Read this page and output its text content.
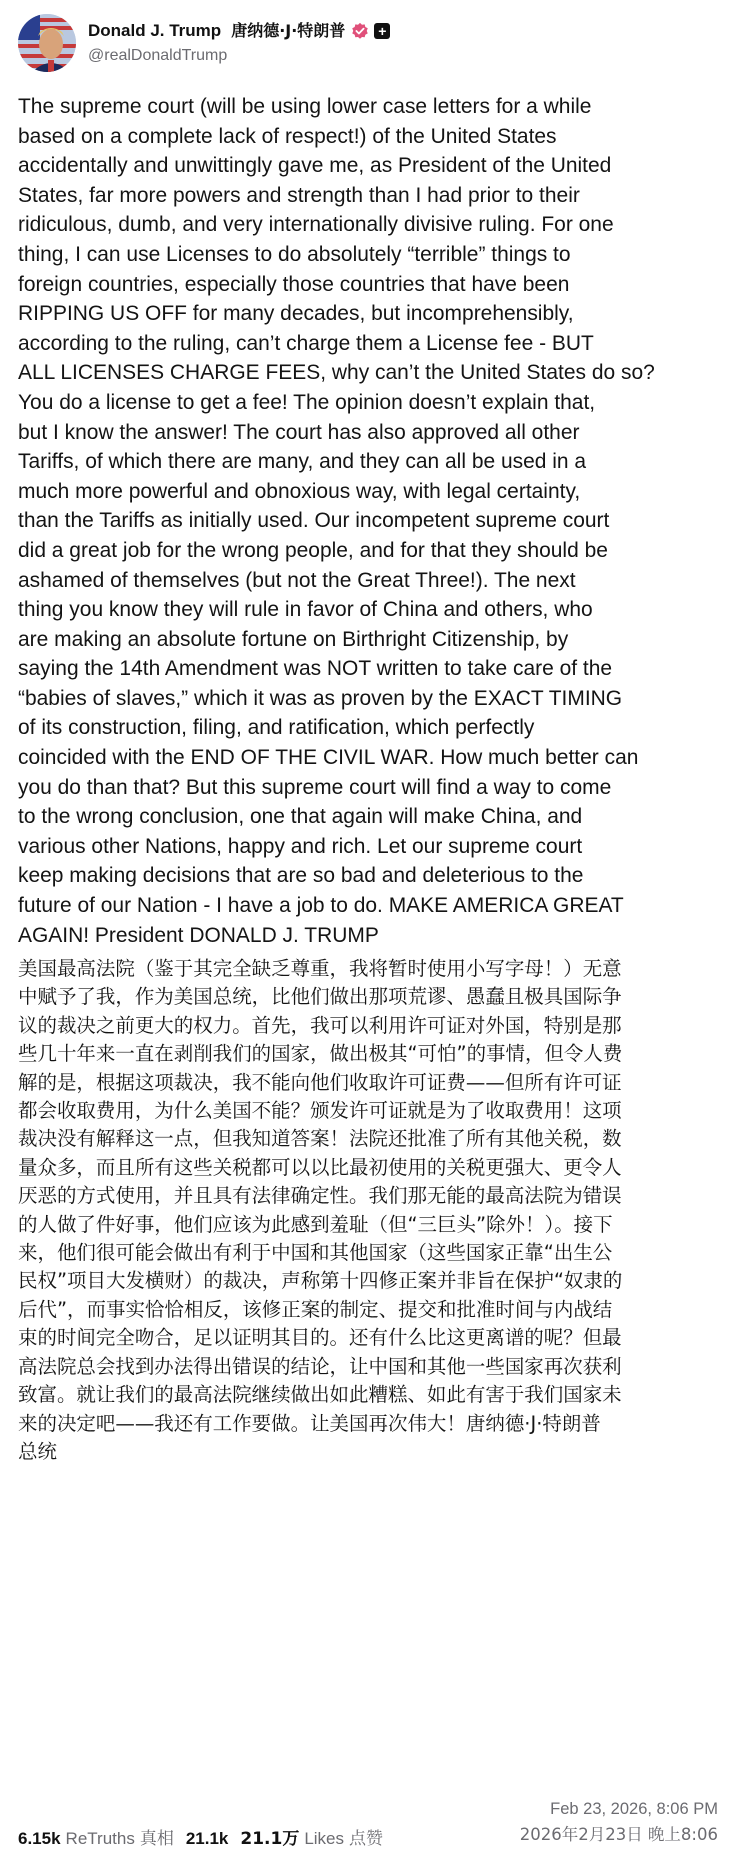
Donald J. Trump 唐纳德·J·特朗普 +
@realDonaldTrump
The supreme court (will be using lower case letters for a while
based on a complete lack of respect!) of the United States
accidentally and unwittingly gave me, as President of the United
States, far more powers and strength than I had prior to their
ridiculous, dumb, and very internationally divisive ruling. For one
thing, I can use Licenses to do absolutely “terrible” things to
foreign countries, especially those countries that have been
RIPPING US OFF for many decades, but incomprehensibly,
according to the ruling, can’t charge them a License fee - BUT
ALL LICENSES CHARGE FEES, why can’t the United States do so?
You do a license to get a fee! The opinion doesn’t explain that,
but I know the answer! The court has also approved all other
Tariffs, of which there are many, and they can all be used in a
much more powerful and obnoxious way, with legal certainty,
than the Tariffs as initially used. Our incompetent supreme court
did a great job for the wrong people, and for that they should be
ashamed of themselves (but not the Great Three!). The next
thing you know they will rule in favor of China and others, who
are making an absolute fortune on Birthright Citizenship, by
saying the 14th Amendment was NOT written to take care of the
“babies of slaves,” which it was as proven by the EXACT TIMING
of its construction, filing, and ratification, which perfectly
coincided with the END OF THE CIVIL WAR. How much better can
you do than that? But this supreme court will find a way to come
to the wrong conclusion, one that again will make China, and
various other Nations, happy and rich. Let our supreme court
keep making decisions that are so bad and deleterious to the
future of our Nation - I have a job to do. MAKE AMERICA GREAT
AGAIN! President DONALD J. TRUMP
美国最高法院（鉴于其完全缺乏尊重，我将暂时使用小写字母！）无意
中赋予了我，作为美国总统，比他们做出那项荒谬、愚蠢且极具国际争
议的裁决之前更大的权力。首先，我可以利用许可证对外国，特别是那
些几十年来一直在剥削我们的国家，做出极其“可怕”的事情，但令人费
解的是，根据这项裁决，我不能向他们收取许可证费——但所有许可证
都会收取费用，为什么美国不能？颁发许可证就是为了收取费用！这项
裁决没有解释这一点，但我知道答案！法院还批准了所有其他关税，数
量众多，而且所有这些关税都可以以比最初使用的关税更强大、更令人
厌恶的方式使用，并且具有法律确定性。我们那无能的最高法院为错误
的人做了件好事，他们应该为此感到羞耻（但“三巨头”除外！）。接下
来，他们很可能会做出有利于中国和其他国家（这些国家正靠“出生公
民权”项目大发横财）的裁决，声称第十四修正案并非旨在保护“奴隶的
后代”，而事实恰恰相反，该修正案的制定、提交和批准时间与内战结
束的时间完全吻合，足以证明其目的。还有什么比这更离谱的呢？但最
高法院总会找到办法得出错误的结论，让中国和其他一些国家再次获利
致富。就让我们的最高法院继续做出如此糟糕、如此有害于我们国家未
来的决定吧——我还有工作要做。让美国再次伟大！唐纳德·J·特朗普
总统
6.15k ReTruths 真相 21.1k 21.1万 Likes 点赞
Feb 23, 2026, 8:06 PM
2026年2月23日 晚上8:06
